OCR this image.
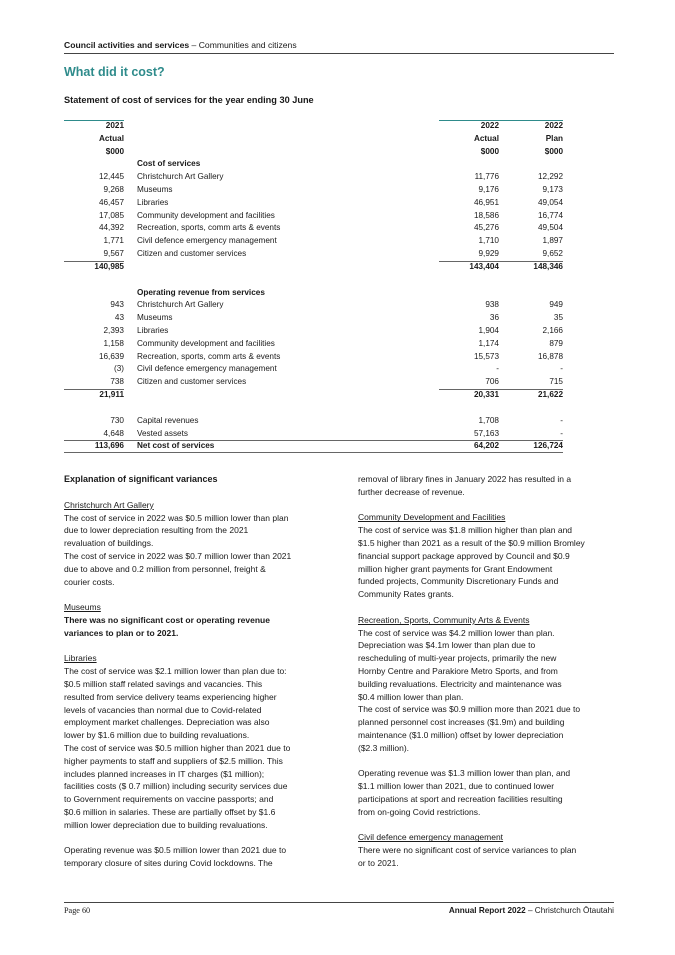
Council activities and services – Communities and citizens
What did it cost?
Statement of cost of services for the year ending 30 June
2021	2022	2022
Actual	Actual	Plan
$000	$000	$000
Cost of services
12,445 Christchurch Art Gallery	11,776	12,292
9,268 Museums	9,176	9,173
46,457 Libraries	46,951	49,054
17,085 Community development and facilities	18,586	16,774
44,392 Recreation, sports, comm arts & events	45,276	49,504
1,771 Civil defence emergency management	1,710	1,897
9,567 Citizen and customer services	9,929	9,652
140,985	143,404	148,346
Operating revenue from services
943 Christchurch Art Gallery	938	949
43 Museums	36	35
2,393 Libraries	1,904	2,166
1,158 Community development and facilities	1,174	879
16,639 Recreation, sports, comm arts & events	15,573	16,878
(3) Civil defence emergency management	-	-
738 Citizen and customer services	706	715
21,911	20,331	21,622
730 Capital revenues	1,708	-
4,648 Vested assets	57,163	-
113,696 Net cost of services	64,202	126,724

Explanation of significant variances

Christchurch Art Gallery

The cost of service in 2022 was $0.5 million lower than plan

due to lower depreciation resulting from the 2021

revaluation of buildings.

The cost of service in 2022 was $0.7 million lower than 2021

due to above and 0.2 million from personnel, freight &

courier costs.

Museums

There was no significant cost or operating revenue

variances to plan or to 2021.

Libraries

The cost of service was $2.1 million lower than plan due to:

$0.5 million staff related savings and vacancies. This

resulted from service delivery teams experiencing higher

levels of vacancies than normal due to Covid-related

employment market challenges. Depreciation was also

lower by $1.6 million due to building revaluations.

The cost of service was $0.5 million higher than 2021 due to

higher payments to staff and suppliers of $2.5 million. This

includes planned increases in IT charges ($1 million);

facilities costs ($ 0.7 million) including security services due

to Government requirements on vaccine passports; and

$0.6 million in salaries. These are partially offset by $1.6

million lower depreciation due to building revaluations.

Operating revenue was $0.5 million lower than 2021 due to

temporary closure of sites during Covid lockdowns. The

removal of library fines in January 2022 has resulted in a

further decrease of revenue.

Community Development and Facilities

The cost of service was $1.8 million higher than plan and

$1.5 higher than 2021 as a result of the $0.9 million Bromley

financial support package approved by Council and $0.9

million higher grant payments for Grant Endowment

funded projects, Community Discretionary Funds and

Community Rates grants.

Recreation, Sports, Community Arts & Events

The cost of service was $4.2 million lower than plan.

Depreciation was $4.1m lower than plan due to

rescheduling of multi-year projects, primarily the new

Hornby Centre and Parakiore Metro Sports, and from

building revaluations. Electricity and maintenance was

$0.4 million lower than plan.

The cost of service was $0.9 million more than 2021 due to

planned personnel cost increases ($1.9m) and building

maintenance ($1.0 million) offset by lower depreciation

($2.3 million).

Operating revenue was $1.3 million lower than plan, and

$1.1 million lower than 2021, due to continued lower

participations at sport and recreation facilities resulting

from on-going Covid restrictions.

Civil defence emergency management

There were no significant cost of service variances to plan

or to 2021.

Page 60	Annual Report 2022 – Christchurch Ōtautahi
